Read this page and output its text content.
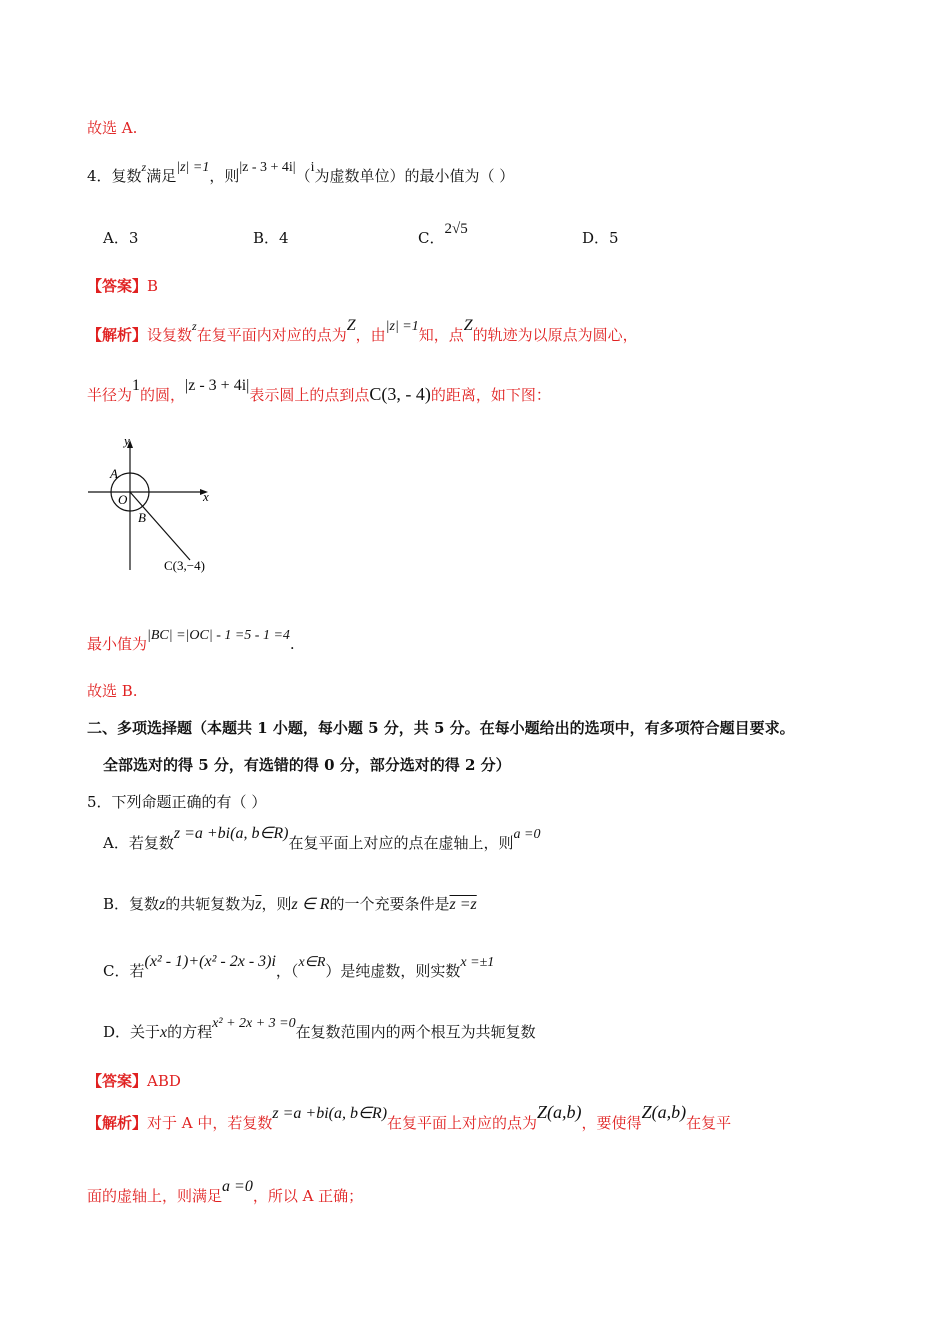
故选 A.
4．复数$^z$满足|z| =1，则|z - 3 + 4i|（i为虚数单位）的最小值为（ ）
A．3	B．4	C．2√5	D．5
【答案】B
【解析】设复数$^z$在复平面内对应的点为Z，由|z| =1知，点Z的轨迹为以原点为圆心，
半径为1的圆，|z - 3 + 4i|表示圆上的点到点C(3, - 4)的距离，如下图：
y
x
A
O
B
C(3,−4)
最小值为|BC| =|OC| - 1 =5 - 1 =4.
故选 B.
二、多项选择题（本题共 1 小题，每小题 5 分，共 5 分。在每小题给出的选项中，有多项符合题目要求。
全部选对的得 5 分，有选错的得 0 分，部分选对的得 2 分）
5．下列命题正确的有（ ）
A．若复数z =a +bi(a, b∈R)在复平面上对应的点在虚轴上，则a =0
B．复数z的共轭复数为$\overline{z}$，则z ∈ R的一个充要条件是z =z
C．若(x² - 1)+(x² - 2x - 3)i，（x∈R）是纯虚数，则实数x =±1
D．关于x的方程x² + 2x + 3 =0在复数范围内的两个根互为共轭复数
【答案】ABD
【解析】对于 A 中，若复数z =a +bi(a, b∈R)在复平面上对应的点为Z(a,b)，要使得Z(a,b)在复平
面的虚轴上，则满足a =0，所以 A 正确；
